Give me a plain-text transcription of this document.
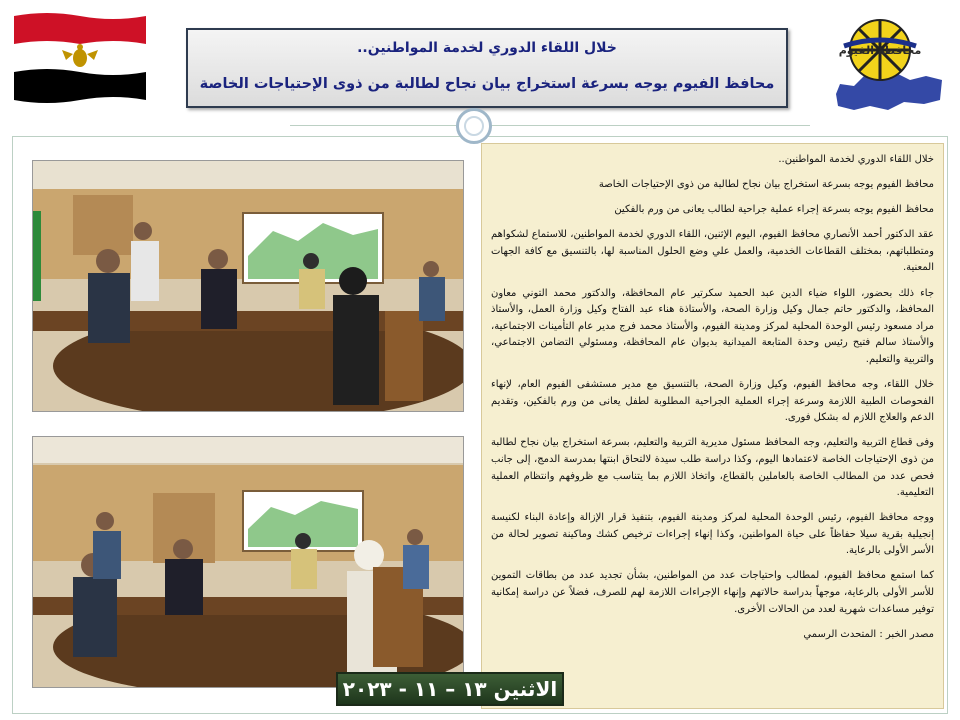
محافظة الفيوم
خلال اللقاء الدوري لخدمة المواطنين..
محافظ الفيوم يوجه بسرعة استخراج بيان نجاح لطالبة من ذوى الإحتياجات الخاصة

خلال اللقاء الدوري لخدمة المواطنين..

محافظ الفيوم يوجه بسرعة استخراج بيان نجاح لطالبة من ذوى الإحتياجات الخاصة

محافظ الفيوم يوجه بسرعة إجراء عملية جراحية لطالب يعانى من ورم بالفكين

عقد الدكتور أحمد الأنصاري محافظ الفيوم، اليوم الإثنين، اللقاء الدوري لخدمة المواطنين، للاستماع لشكواهم ومتطلباتهم، بمختلف القطاعات الخدمية، والعمل علي وضع الحلول المناسبة لها، بالتنسيق مع كافة الجهات المعنية.

جاء ذلك بحضور، اللواء ضياء الدين عبد الحميد سكرتير عام المحافظة، والدكتور محمد التوني معاون المحافظ، والدكتور حاتم جمال وكيل وزارة الصحة، والأستاذة هناء عبد الفتاح وكيل وزارة العمل، والأستاذ مراد مسعود رئيس الوحدة المحلية لمركز ومدينة الفيوم، والأستاذ محمد فرج مدير عام التأمينات الاجتماعية، والأستاذ سالم فتيح رئيس وحدة المتابعة الميدانية بديوان عام المحافظة، ومسئولي التضامن الاجتماعي، والتربية والتعليم.

خلال اللقاء، وجه محافظ الفيوم، وكيل وزارة الصحة، بالتنسيق مع مدير مستشفى الفيوم العام، لإنهاء الفحوصات الطبية اللازمة وسرعة إجراء العملية الجراحية المطلوبة لطفل يعانى من ورم بالفكين، وتقديم الدعم والعلاج اللازم له بشكل فورى.

وفى قطاع التربية والتعليم، وجه المحافظ مسئول مديرية التربية والتعليم، بسرعة استخراج بيان نجاح لطالبة من ذوى الإحتياجات الخاصة لاعتمادها اليوم، وكذا دراسة طلب سيدة لالتحاق ابنتها بمدرسة الدمج، إلى جانب فحص عدد من المطالب الخاصة بالعاملين بالقطاع، واتخاذ اللازم بما يتناسب مع ظروفهم وانتظام العملية التعليمية.

ووجه محافظ الفيوم، رئيس الوحدة المحلية لمركز ومدينة الفيوم، بتنفيذ قرار الإزالة وإعادة البناء لكنيسة إنجيلية بقرية سيلا حفاظاً على حياة المواطنين، وكذا إنهاء إجراءات ترخيص كشك وماكينة تصوير لحالة من الأسر الأولى بالرعاية.

كما استمع محافظ الفيوم، لمطالب واحتياجات عدد من المواطنين، بشأن تجديد عدد من بطاقات التموين للأسر الأولى بالرعاية، موجهاً بدراسة حالاتهم وإنهاء الإجراءات اللازمة لهم للصرف، فضلاً عن دراسة إمكانية توفير مساعدات شهرية لعدد من الحالات الأخرى.

مصدر الخبر : المتحدث الرسمي

الاثنين ١٣ – ١١ - ٢٠٢٣
